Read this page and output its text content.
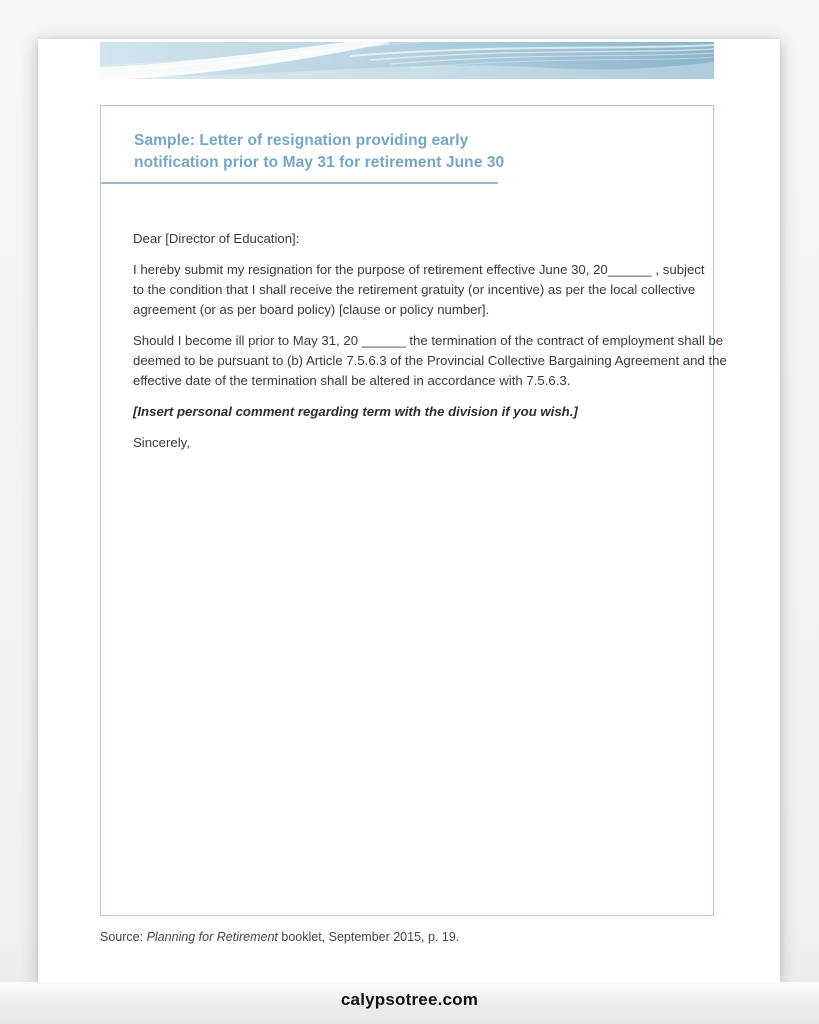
Sample: Letter of resignation providing early
notification prior to May 31 for retirement June 30

Dear [Director of Education]:

I hereby submit my resignation for the purpose of retirement effective June 30, 20______ , subject
to the condition that I shall receive the retirement gratuity (or incentive) as per the local collective
agreement (or as per board policy) [clause or policy number].

Should I become ill prior to May 31, 20 ______ the termination of the contract of employment shall be
deemed to be pursuant to (b) Article 7.5.6.3 of the Provincial Collective Bargaining Agreement and the
effective date of the termination shall be altered in accordance with 7.5.6.3.

[Insert personal comment regarding term with the division if you wish.]

Sincerely,

Source: Planning for Retirement booklet, September 2015, p. 19.
calypsotree.com
